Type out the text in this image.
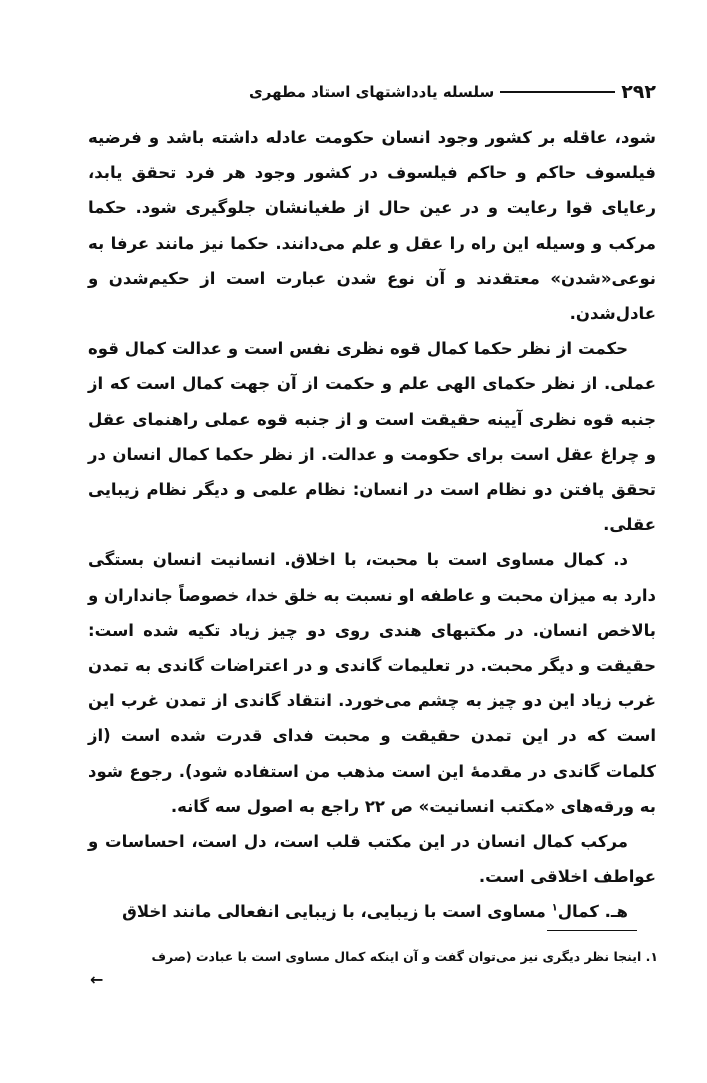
۲۹۲
سلسله یادداشتهای استاد مطهری

شود، عاقله بر کشور وجود انسان حکومت عادله داشته باشد و فرضیه فیلسوف حاکم و حاکم فیلسوف در کشور وجود هر فرد تحقق یابد، رعایای قوا رعایت و در عین حال از طغیانشان جلوگیری شود. حکما مرکب و وسیله این راه را عقل و علم می‌دانند. حکما نیز مانند عرفا به نوعی«شدن» معتقدند و آن نوع شدن عبارت است از حکیم‌شدن و عادل‌شدن.

حکمت از نظر حکما کمال قوه نظری نفس است و عدالت کمال قوه عملی. از نظر حکمای الهی علم و حکمت از آن جهت کمال است که از جنبه قوه نظری آیینه حقیقت است و از جنبه قوه عملی راهنمای عقل و چراغ عقل است برای حکومت و عدالت. از نظر حکما کمال انسان در تحقق یافتن دو نظام است در انسان: نظام علمی و دیگر نظام زیبایی عقلی.

د. کمال مساوی است با محبت، با اخلاق. انسانیت انسان بستگی دارد به میزان محبت و عاطفه او نسبت به خلق خدا، خصوصاً جانداران و بالاخص انسان. در مکتبهای هندی روی دو چیز زیاد تکیه شده است: حقیقت و دیگر محبت. در تعلیمات گاندی و در اعتراضات گاندی به تمدن غرب زیاد این دو چیز به چشم می‌خورد. انتقاد گاندی از تمدن غرب این است که در این تمدن حقیقت و محبت فدای قدرت شده است (از کلمات گاندی در مقدمهٔ این است مذهب من استفاده شود). رجوع شود به ورقه‌های «مکتب انسانیت» ص ۲۲ راجع به اصول سه گانه.

مرکب کمال انسان در این مکتب قلب است، دل است، احساسات و عواطف اخلاقی است.

هـ. کمال$^۱$ مساوی است با زیبایی، با زیبایی انفعالی مانند اخلاق

۱. اینجا نظر دیگری نیز می‌توان گفت و آن اینکه کمال مساوی است با عبادت (صرف
←
